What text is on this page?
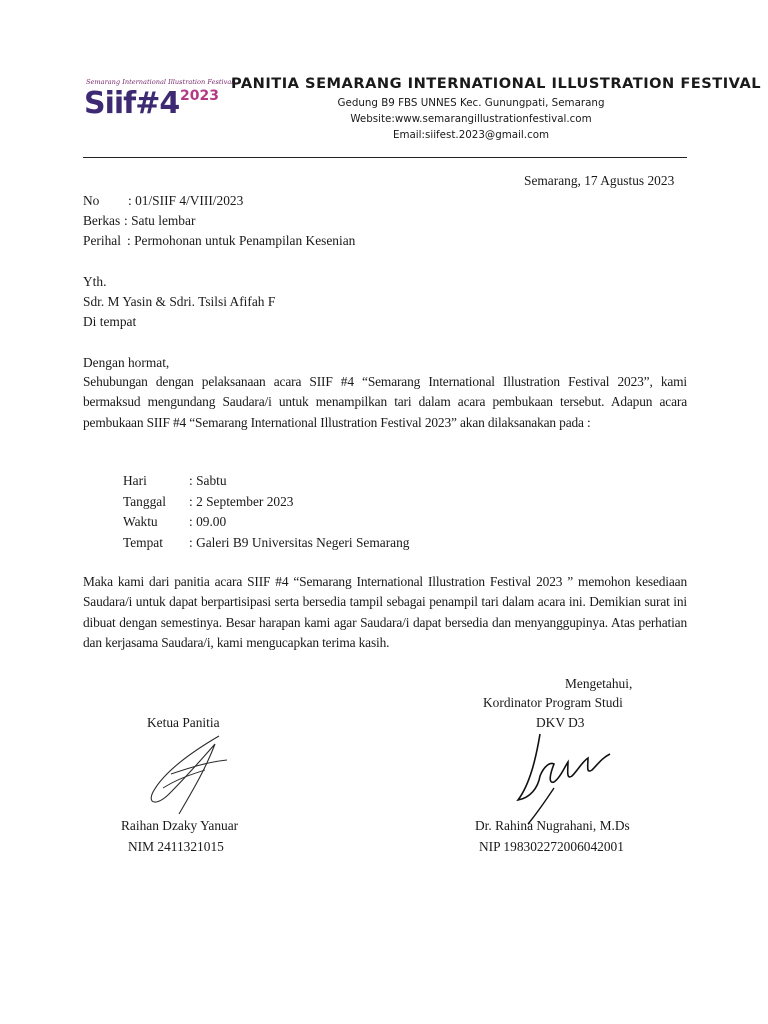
Semarang International Illustration Festival
Siif#4 2023
PANITIA SEMARANG INTERNATIONAL ILLUSTRATION FESTIVAL
Gedung B9 FBS UNNES Kec. Gunungpati, Semarang
Website:www.semarangillustrationfestival.com
Email:siifest.2023@gmail.com
Semarang, 17 Agustus 2023
No : 01/SIIF 4/VIII/2023
Berkas : Satu lembar
Perihal : Permohonan untuk Penampilan Kesenian
Yth.
Sdr. M Yasin & Sdri. Tsilsi Afifah F
Di tempat
Dengan hormat,
Sehubungan dengan pelaksanaan acara SIIF #4 “Semarang International Illustration Festival 2023”, kami bermaksud mengundang Saudara/i untuk menampilkan tari dalam acara pembukaan tersebut. Adapun acara pembukaan SIIF #4 “Semarang International Illustration Festival 2023” akan dilaksanakan pada :
Hari	: Sabtu
Tanggal : 2 September 2023
Waktu : 09.00
Tempat : Galeri B9 Universitas Negeri Semarang
Maka kami dari panitia acara SIIF #4 “Semarang International Illustration Festival 2023 ” memohon kesediaan Saudara/i untuk dapat berpartisipasi serta bersedia tampil sebagai penampil tari dalam acara ini. Demikian surat ini dibuat dengan semestinya. Besar harapan kami agar Saudara/i dapat bersedia dan menyanggupinya. Atas perhatian dan kerjasama Saudara/i, kami mengucapkan terima kasih.
Mengetahui,
Kordinator Program Studi
DKV D3
Ketua Panitia
Raihan Dzaky Yanuar
NIM 2411321015
Dr. Rahina Nugrahani, M.Ds
NIP 198302272006042001
